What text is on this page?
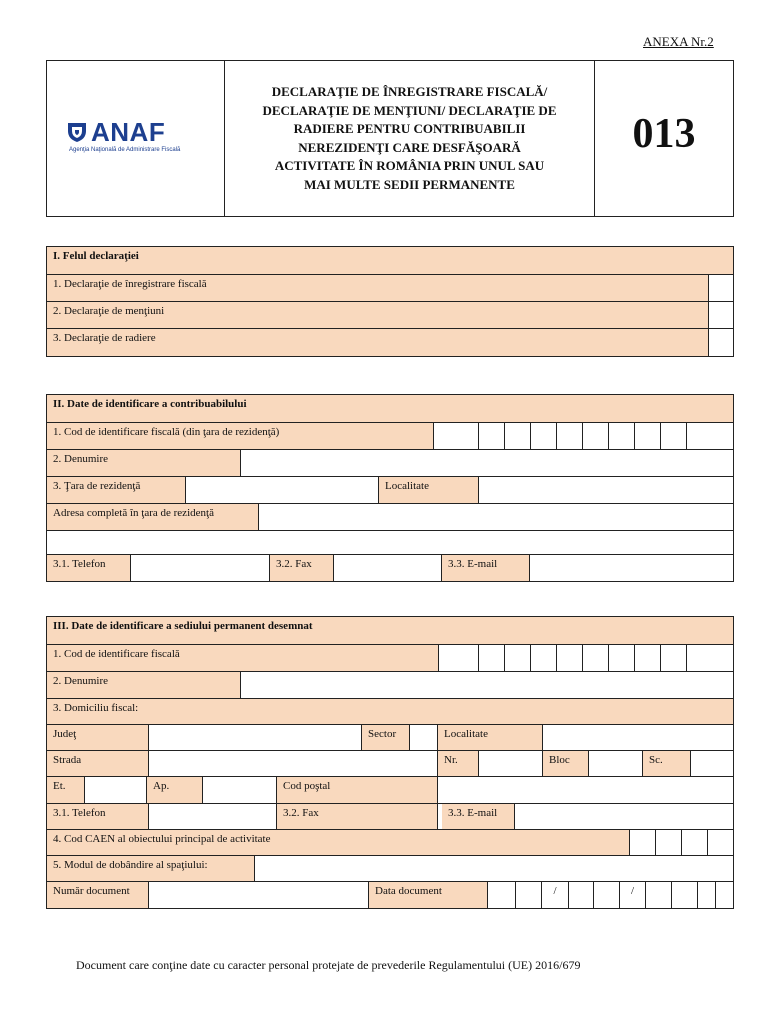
ANEXA Nr.2
ANAF
Agenţia Naţională de Administrare Fiscală
DECLARAŢIE DE ÎNREGISTRARE FISCALĂ/
DECLARAŢIE DE MENŢIUNI/ DECLARAŢIE DE
RADIERE PENTRU CONTRIBUABILII
NEREZIDENŢI CARE DESFĂŞOARĂ
ACTIVITATE ÎN ROMÂNIA PRIN UNUL SAU
MAI MULTE SEDII PERMANENTE
013
I. Felul declaraţiei
1. Declaraţie de înregistrare fiscală
2. Declaraţie de menţiuni
3. Declaraţie de radiere
II. Date de identificare a contribuabilului
1. Cod de identificare fiscală (din ţara de rezidenţă)
2. Denumire
3. Ţara de rezidenţă	Localitate
Adresa completă în ţara de rezidenţă
3.1. Telefon	3.2. Fax	3.3. E-mail
III. Date de identificare a sediului permanent desemnat
1. Cod de identificare fiscală
2. Denumire
3. Domiciliu fiscal:
Judeţ	Sector	Localitate
Strada	Nr.	Bloc	Sc.
Et.	Ap.	Cod poştal
3.1. Telefon	3.2. Fax	3.3. E-mail
4. Cod CAEN al obiectului principal de activitate
5. Modul de dobândire al spaţiului:
Număr document	Data document	/	/
Document care conţine date cu caracter personal protejate de prevederile Regulamentului (UE) 2016/679
